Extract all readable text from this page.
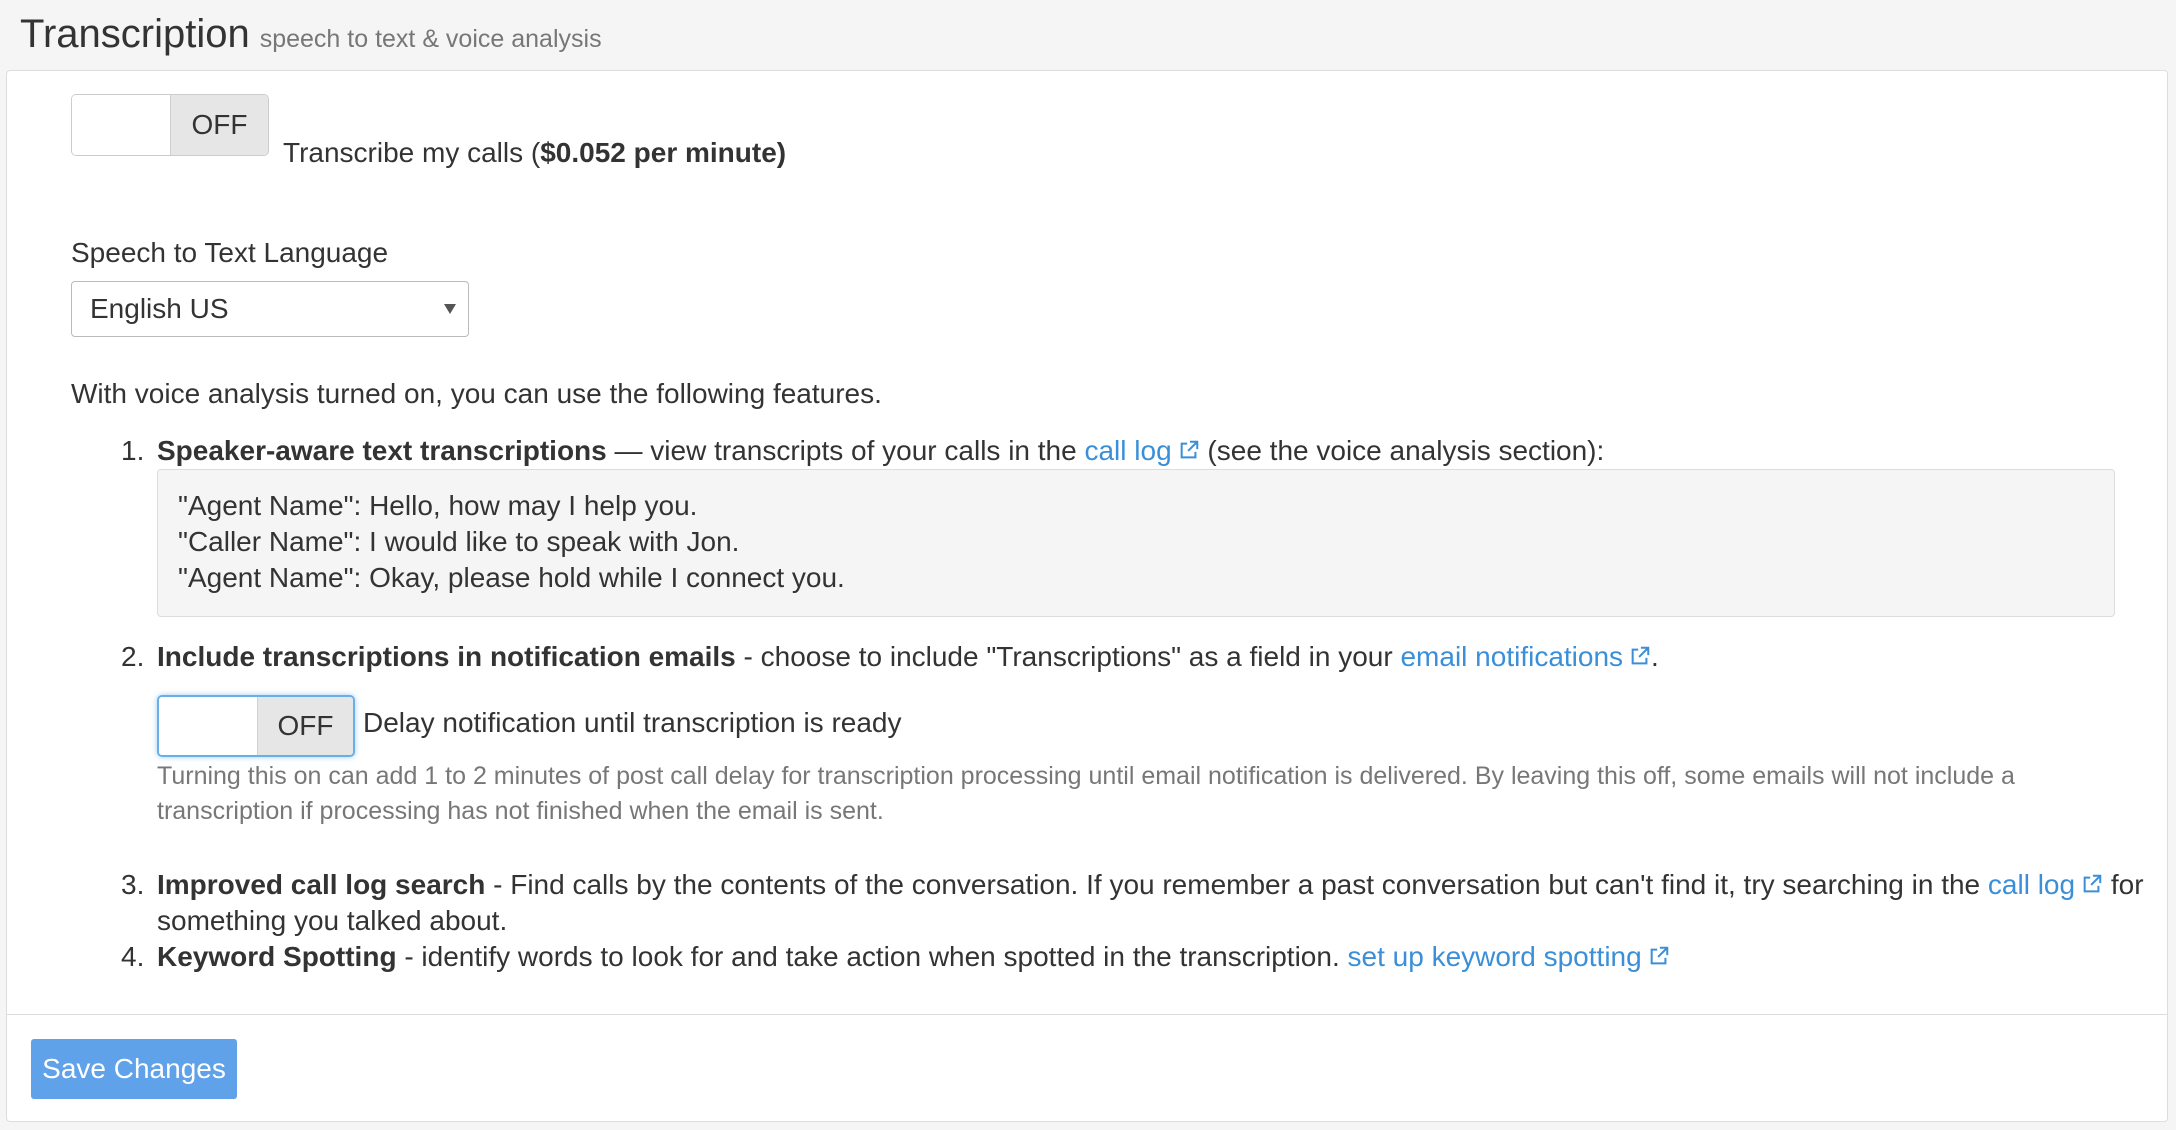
Transcription speech to text & voice analysis
OFF
Transcribe my calls ($0.052 per minute)
Speech to Text Language
English US
With voice analysis turned on, you can use the following features.
1. Speaker-aware text transcriptions — view transcripts of your calls in the call log (see the voice analysis section):
"Agent Name": Hello, how may I help you.
"Caller Name": I would like to speak with Jon.
"Agent Name": Okay, please hold while I connect you.
2. Include transcriptions in notification emails - choose to include "Transcriptions" as a field in your email notifications .
OFF	Delay notification until transcription is ready
Turning this on can add 1 to 2 minutes of post call delay for transcription processing until email notification is delivered. By leaving this off, some emails will not include a transcription if processing has not finished when the email is sent.
3. Improved call log search - Find calls by the contents of the conversation. If you remember a past conversation but can't find it, try searching in the call log for
something you talked about.
4. Keyword Spotting - identify words to look for and take action when spotted in the transcription. set up keyword spotting
Save Changes
